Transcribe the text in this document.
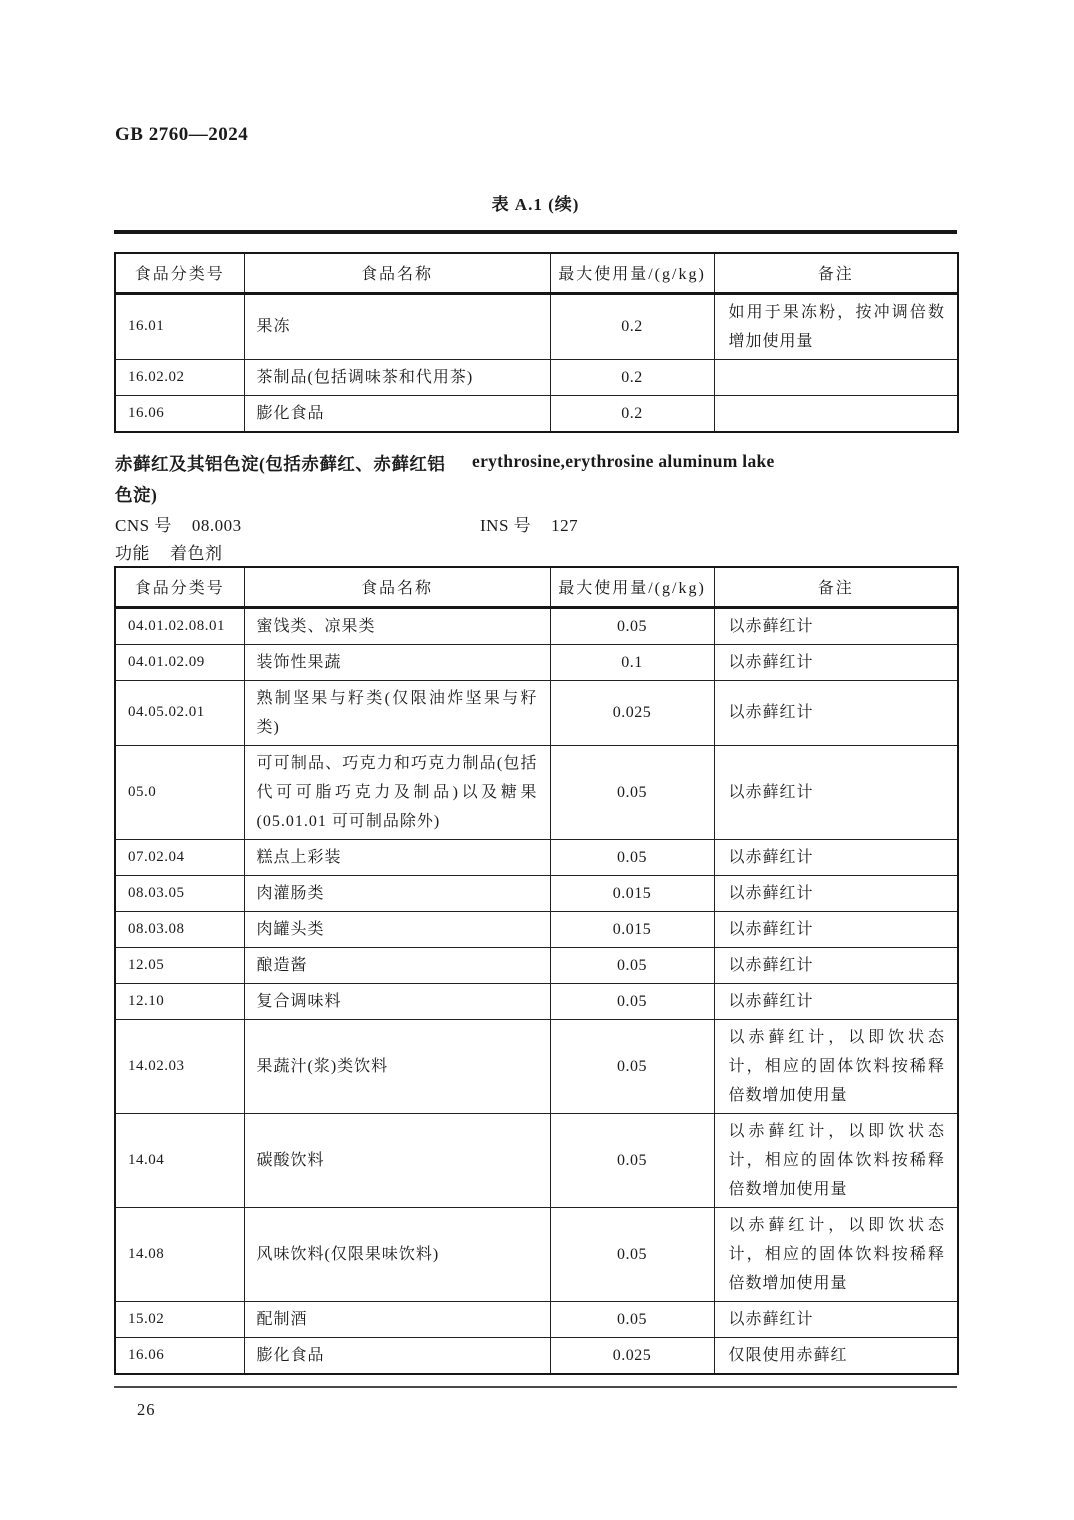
GB 2760—2024
表 A.1 (续)
食品分类号	食品名称	最大使用量/(g/kg)	备注
16.01	果冻	0.2	如用于果冻粉，按冲调倍数增加使用量
16.02.02	茶制品(包括调味茶和代用茶)	0.2	
16.06	膨化食品	0.2	
赤藓红及其铝色淀(包括赤藓红、赤藓红铝 erythrosine,erythrosine aluminum lake
色淀)
CNS 号 08.003	INS 号 127
功能 着色剂
食品分类号	食品名称	最大使用量/(g/kg)	备注
04.01.02.08.01	蜜饯类、凉果类	0.05	以赤藓红计
04.01.02.09	装饰性果蔬	0.1	以赤藓红计
04.05.02.01	熟制坚果与籽类(仅限油炸坚果与籽类)	0.025	以赤藓红计
05.0	可可制品、巧克力和巧克力制品(包括代可可脂巧克力及制品)以及糖果(05.01.01 可可制品除外)	0.05	以赤藓红计
07.02.04	糕点上彩装	0.05	以赤藓红计
08.03.05	肉灌肠类	0.015	以赤藓红计
08.03.08	肉罐头类	0.015	以赤藓红计
12.05	酿造酱	0.05	以赤藓红计
12.10	复合调味料	0.05	以赤藓红计
14.02.03	果蔬汁(浆)类饮料	0.05	以赤藓红计，以即饮状态计，相应的固体饮料按稀释倍数增加使用量
14.04	碳酸饮料	0.05	以赤藓红计，以即饮状态计，相应的固体饮料按稀释倍数增加使用量
14.08	风味饮料(仅限果味饮料)	0.05	以赤藓红计，以即饮状态计，相应的固体饮料按稀释倍数增加使用量
15.02	配制酒	0.05	以赤藓红计
16.06	膨化食品	0.025	仅限使用赤藓红
26
